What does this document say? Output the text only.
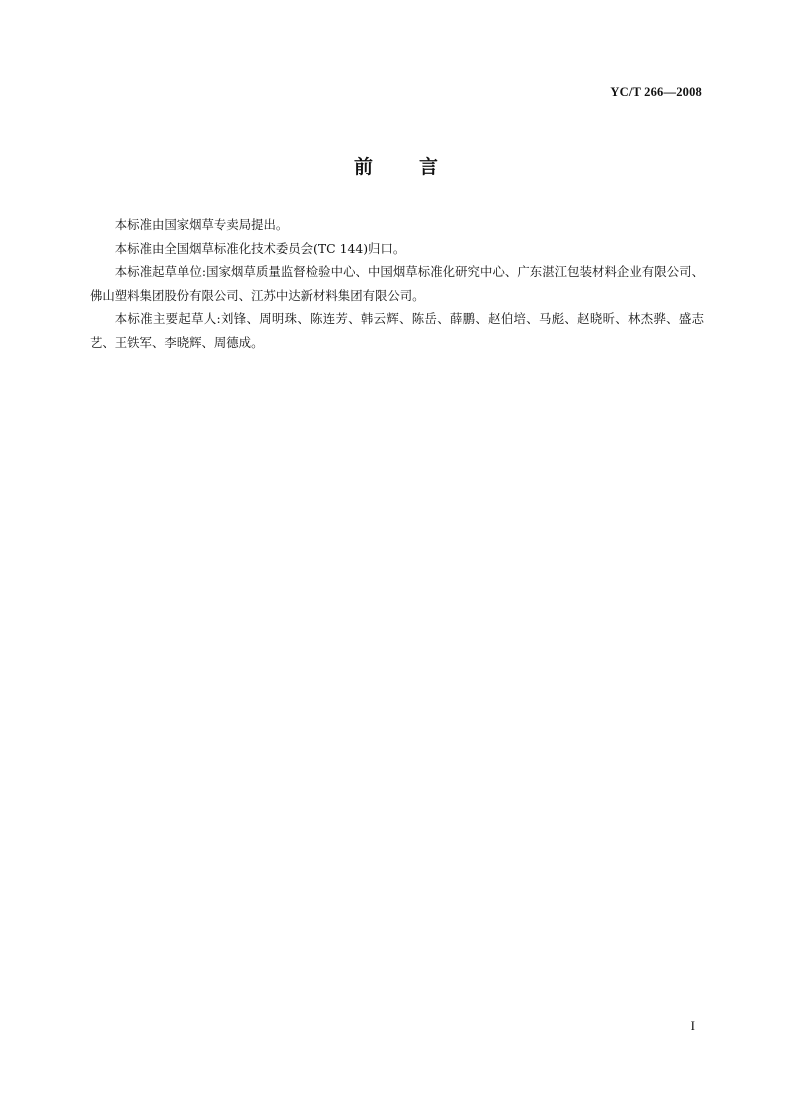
YC/T 266—2008
前 言

本标准由国家烟草专卖局提出。

本标准由全国烟草标准化技术委员会(TC 144)归口。

本标准起草单位:国家烟草质量监督检验中心、中国烟草标准化研究中心、广东湛江包装材料企业有限公司、佛山塑料集团股份有限公司、江苏中达新材料集团有限公司。

本标准主要起草人:刘锋、周明珠、陈连芳、韩云辉、陈岳、薛鹏、赵伯培、马彪、赵晓昕、林杰骅、盛志艺、王铁军、李晓辉、周德成。

I
